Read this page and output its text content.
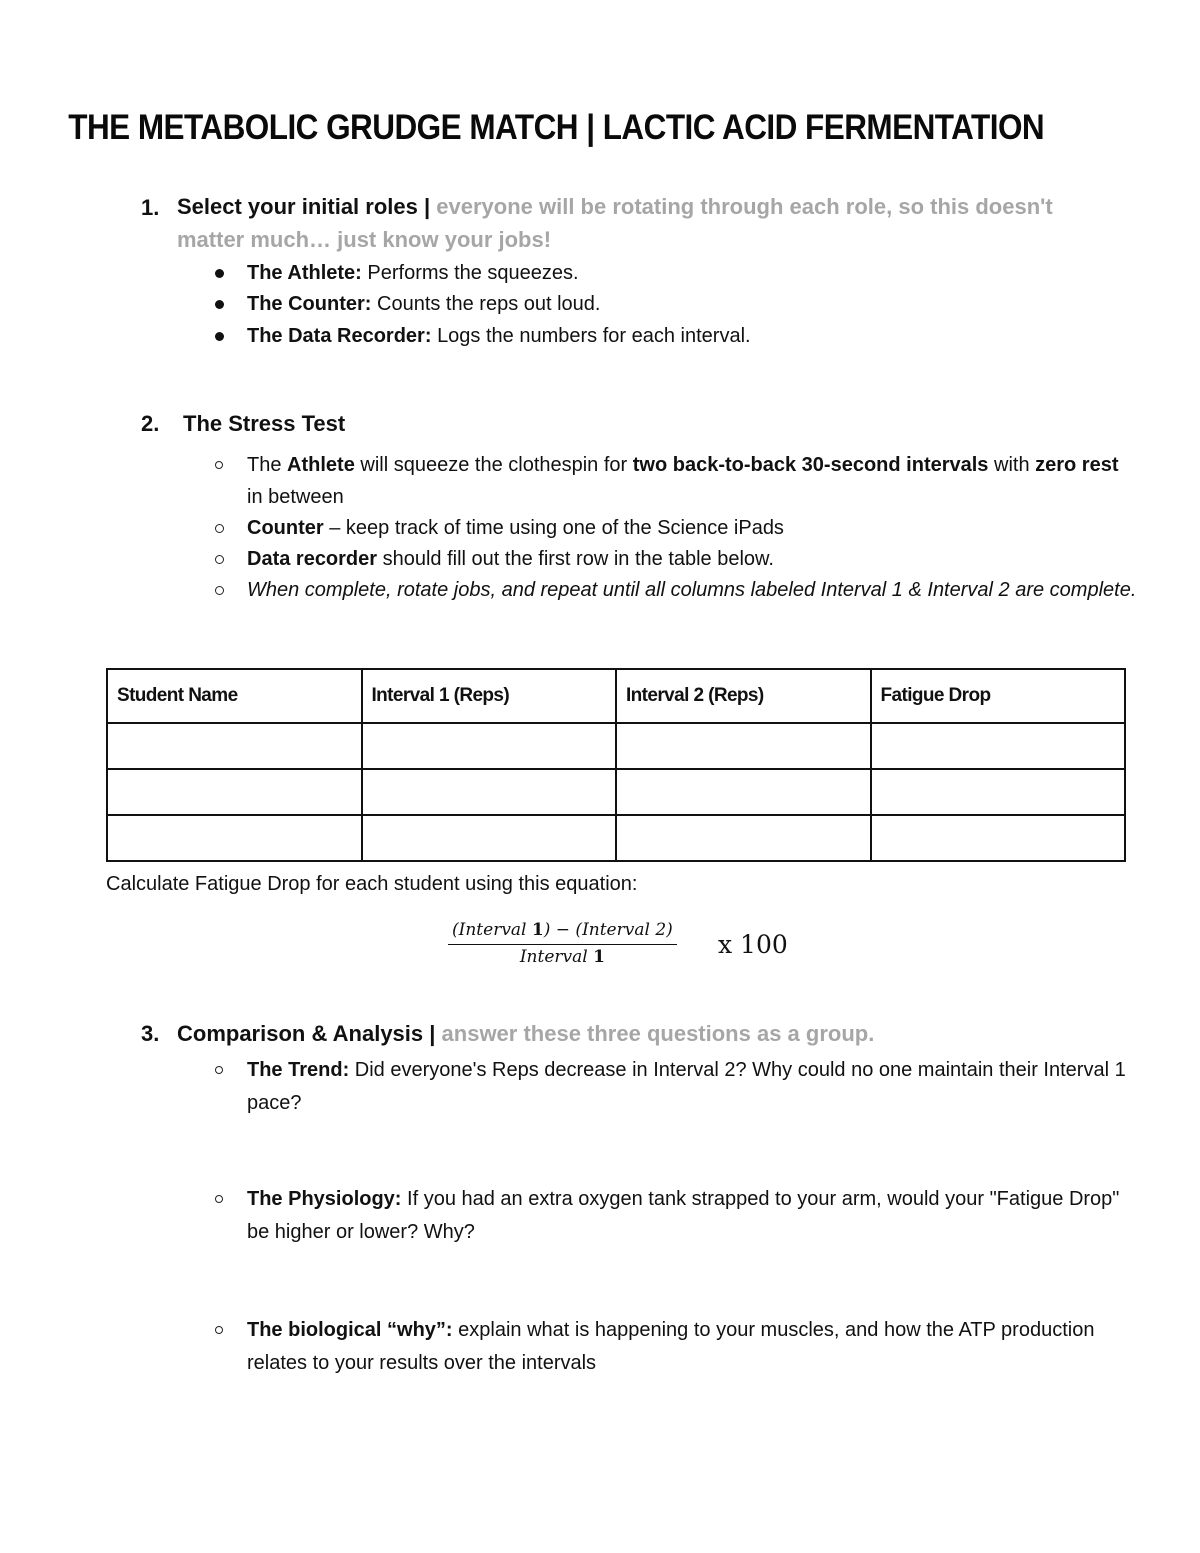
THE METABOLIC GRUDGE MATCH | LACTIC ACID FERMENTATION
1. Select your initial roles | everyone will be rotating through each role, so this doesn't matter much… just know your jobs!
The Athlete: Performs the squeezes.
The Counter: Counts the reps out loud.
The Data Recorder: Logs the numbers for each interval.
2. The Stress Test
The Athlete will squeeze the clothespin for two back-to-back 30-second intervals with zero rest in between
Counter – keep track of time using one of the Science iPads
Data recorder should fill out the first row in the table below.
When complete, rotate jobs, and repeat until all columns labeled Interval 1 & Interval 2 are complete.
Student Name	Interval 1 (Reps)	Interval 2 (Reps)	Fatigue Drop

Calculate Fatigue Drop for each student using this equation:
$\frac{\text{(Interval 1) − (Interval 2)}}{\text{Interval 1}}$ x 100
3. Comparison & Analysis | answer these three questions as a group.
The Trend: Did everyone's Reps decrease in Interval 2? Why could no one maintain their Interval 1 pace?
The Physiology: If you had an extra oxygen tank strapped to your arm, would your "Fatigue Drop" be higher or lower? Why?
The biological “why”: explain what is happening to your muscles, and how the ATP production relates to your results over the intervals
